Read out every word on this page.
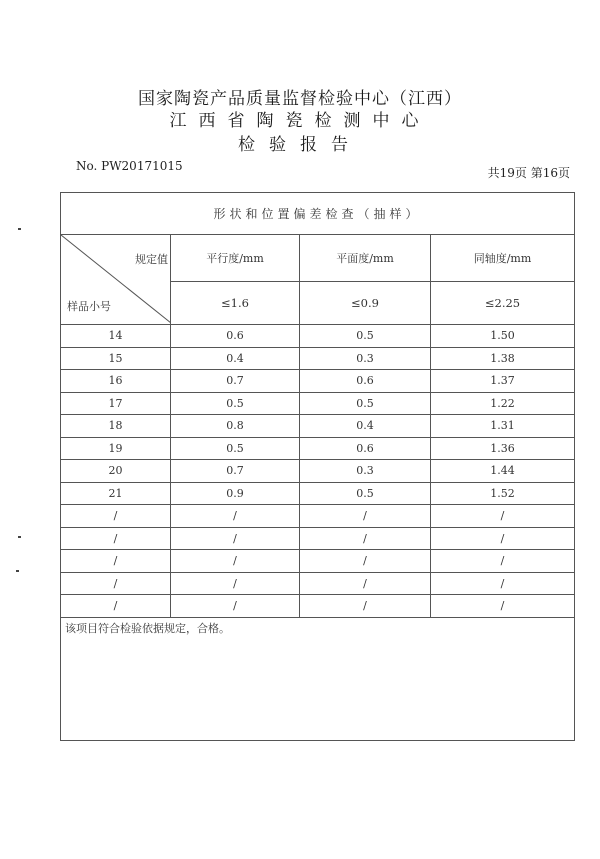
国家陶瓷产品质量监督检验中心（江西）
江西省陶瓷检测中心
检验报告
No. PW20171015	共19页 第16页
形状和位置偏差检查（抽样）			

规定值
样品小号	平行度/mm	平面度/mm	同轴度/mm
	≤1.6	≤0.9	≤2.25
14	0.6	0.5	1.50
15	0.4	0.3	1.38
16	0.7	0.6	1.37
17	0.5	0.5	1.22
18	0.8	0.4	1.31
19	0.5	0.6	1.36
20	0.7	0.3	1.44
21	0.9	0.5	1.52
/	/	/	/
/	/	/	/
/	/	/	/
/	/	/	/
/	/	/	/
该项目符合检验依据规定，合格。			
